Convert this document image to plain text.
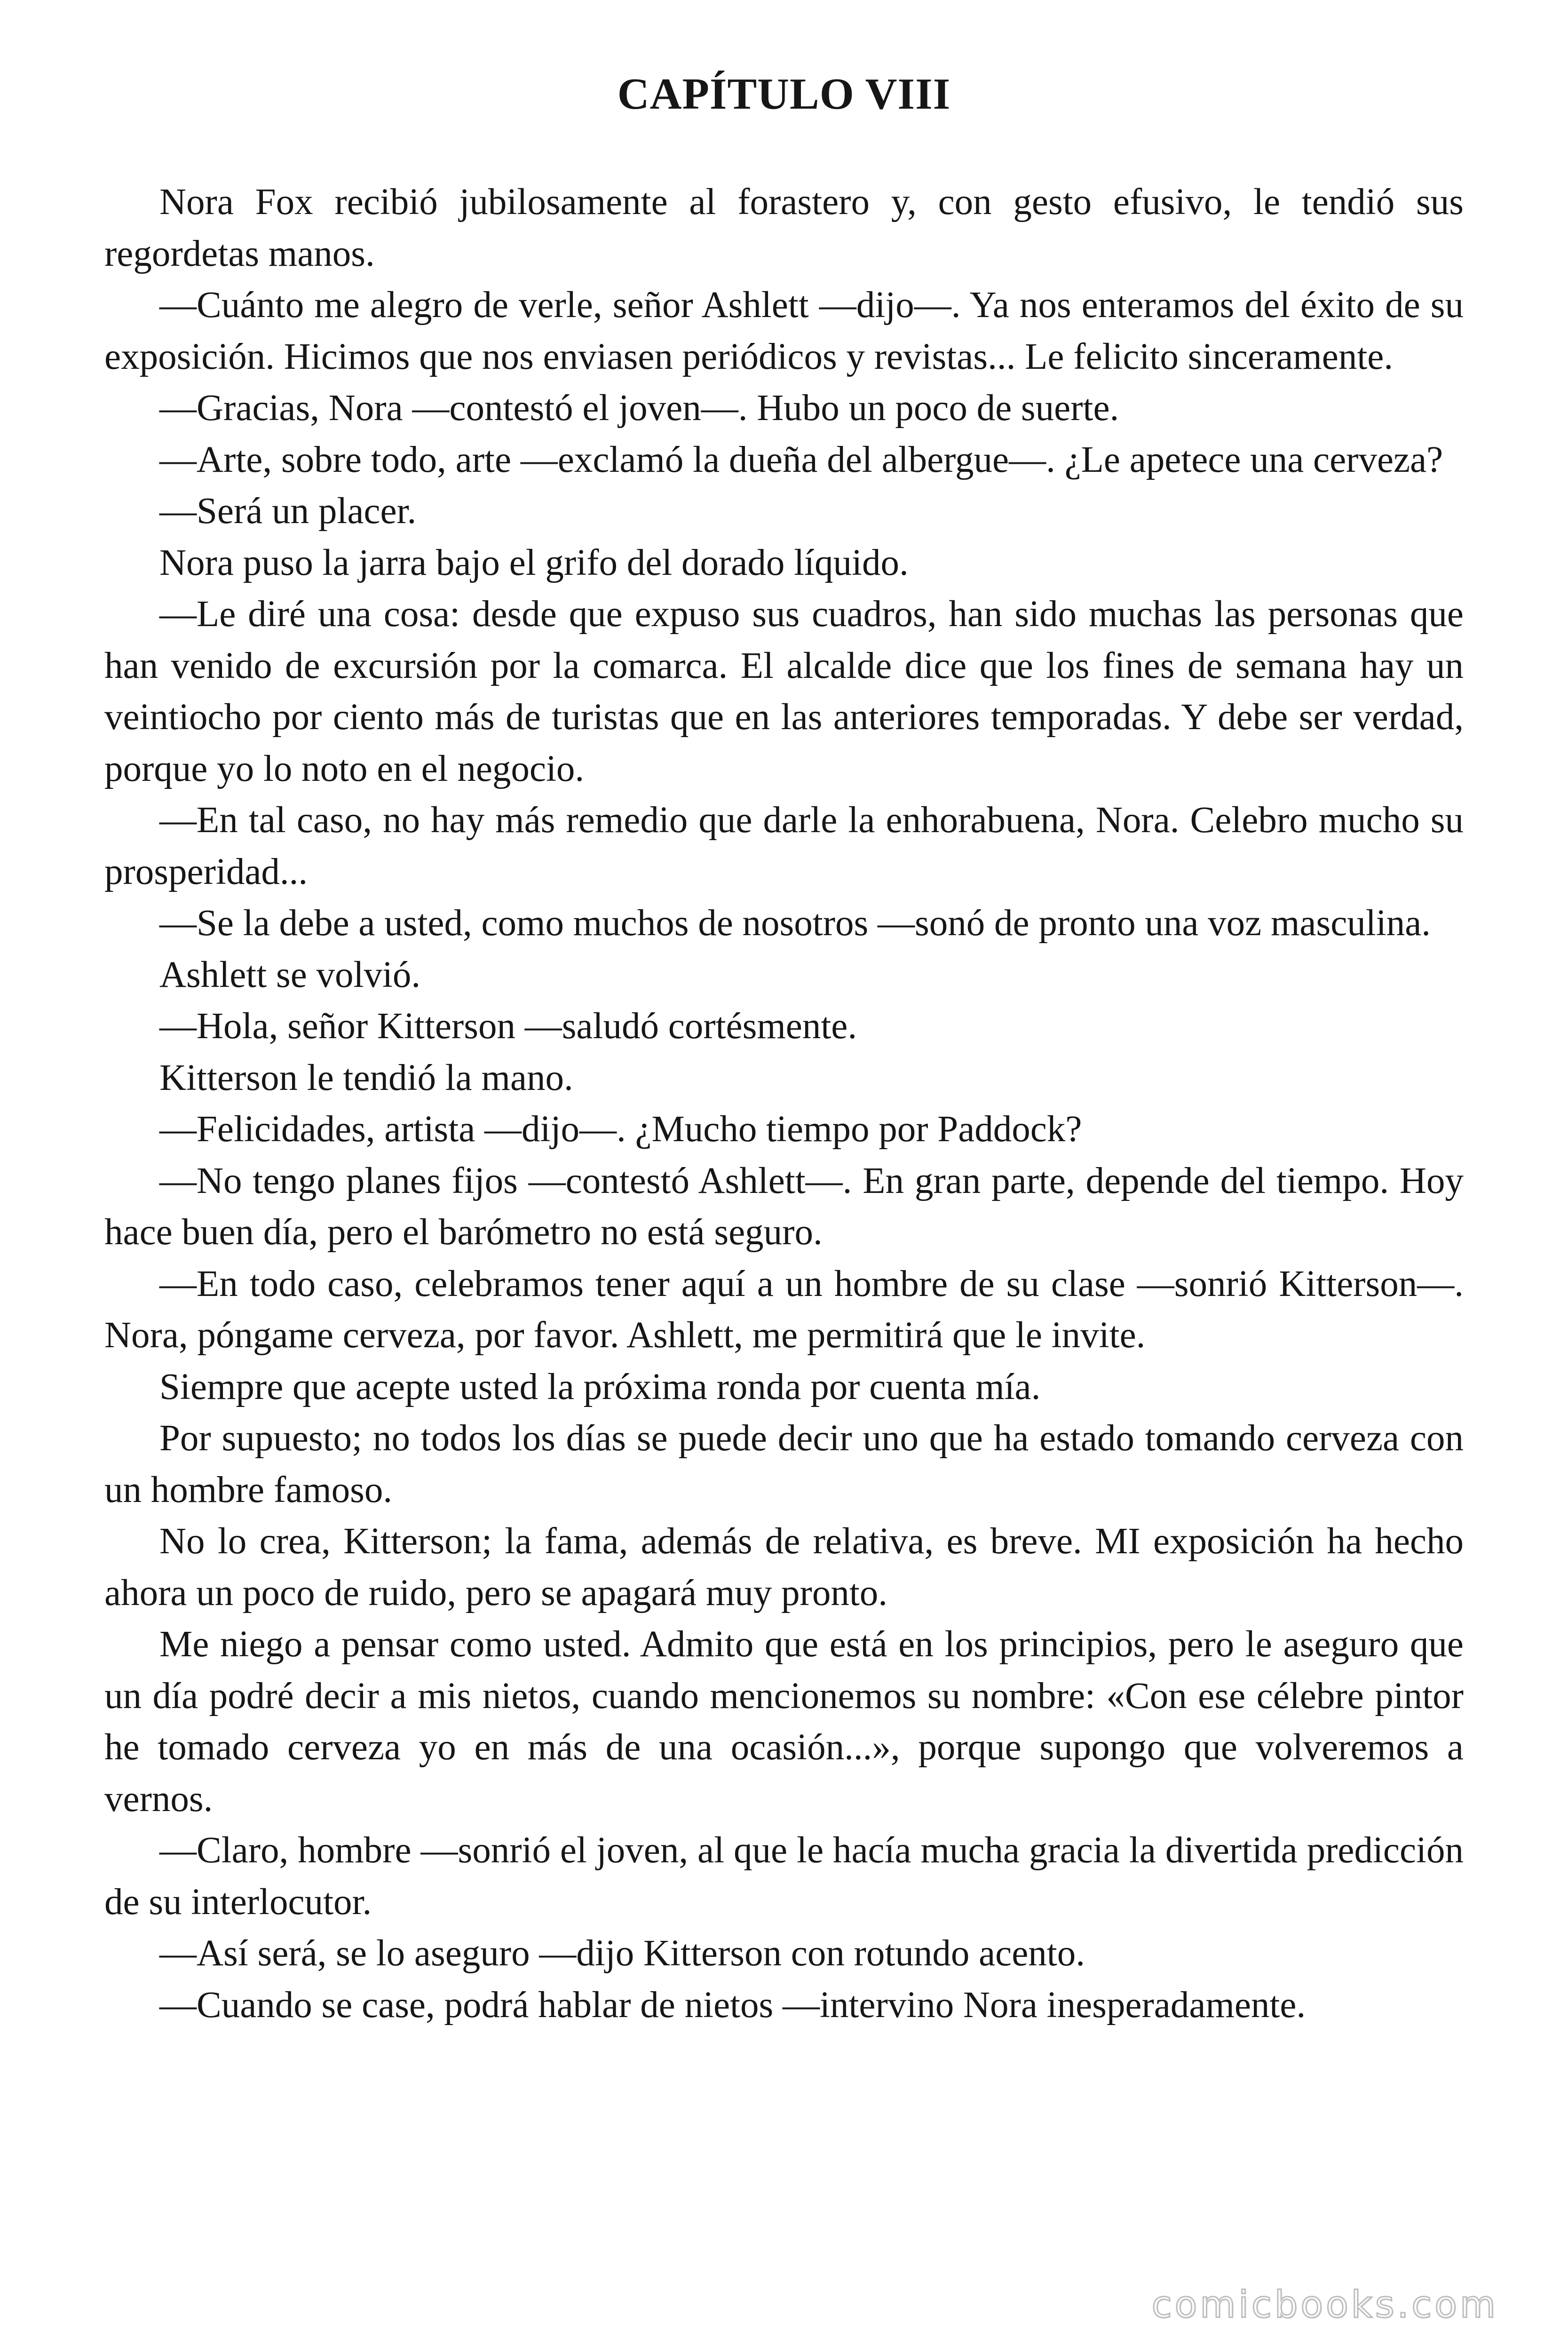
CAPÍTULO VIII

Nora Fox recibió jubilosamente al forastero y, con gesto efusivo, le tendió sus regordetas manos.

—Cuánto me alegro de verle, señor Ashlett —dijo—. Ya nos enteramos del éxito de su exposición. Hicimos que nos enviasen periódicos y revistas... Le felicito sinceramente.

—Gracias, Nora —contestó el joven—. Hubo un poco de suerte.

—Arte, sobre todo, arte —exclamó la dueña del albergue—. ¿Le apetece una cerveza?

—Será un placer.

Nora puso la jarra bajo el grifo del dorado líquido.

—Le diré una cosa: desde que expuso sus cuadros, han sido muchas las personas que han venido de excursión por la comarca. El alcalde dice que los fines de semana hay un veintiocho por ciento más de turistas que en las anteriores temporadas. Y debe ser verdad, porque yo lo noto en el negocio.

—En tal caso, no hay más remedio que darle la enhorabuena, Nora. Celebro mucho su prosperidad...

—Se la debe a usted, como muchos de nosotros —sonó de pronto una voz masculina.

Ashlett se volvió.

—Hola, señor Kitterson —saludó cortésmente.

Kitterson le tendió la mano.

—Felicidades, artista —dijo—. ¿Mucho tiempo por Paddock?

—No tengo planes fijos —contestó Ashlett—. En gran parte, depende del tiempo. Hoy hace buen día, pero el barómetro no está seguro.

—En todo caso, celebramos tener aquí a un hombre de su clase —sonrió Kitterson—. Nora, póngame cerveza, por favor. Ashlett, me permitirá que le invite.

Siempre que acepte usted la próxima ronda por cuenta mía.

Por supuesto; no todos los días se puede decir uno que ha estado tomando cerveza con un hombre famoso.

No lo crea, Kitterson; la fama, además de relativa, es breve. MI exposición ha hecho ahora un poco de ruido, pero se apagará muy pronto.

Me niego a pensar como usted. Admito que está en los principios, pero le aseguro que un día podré decir a mis nietos, cuando mencionemos su nombre: «Con ese célebre pintor he tomado cerveza yo en más de una ocasión...», porque supongo que volveremos a vernos.

—Claro, hombre —sonrió el joven, al que le hacía mucha gracia la divertida predicción de su interlocutor.

—Así será, se lo aseguro —dijo Kitterson con rotundo acento.

—Cuando se case, podrá hablar de nietos —intervino Nora inesperadamente.

comicbooks.com
